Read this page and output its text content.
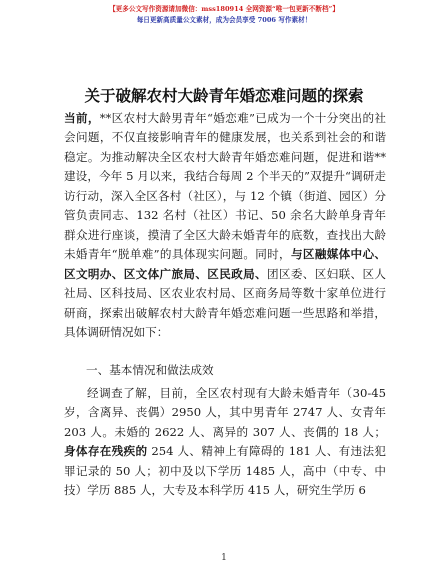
【更多公文写作资源请加微信：mss180914 全网资源“唯一包更新不断档”】
每日更新高质量公文素材，成为会员享受 7006 写作素材！
关于破解农村大龄青年婚恋难问题的探索
当前，**区农村大龄男青年“婚恋难”已成为一个十分突出的社会问题，不仅直接影响青年的健康发展，也关系到社会的和谐稳定。为推动解决全区农村大龄青年婚恋难问题，促进和谐**建设，今年 5 月以来，我结合每周 2 个半天的”双提升“调研走访行动，深入全区各村（社区），与 12 个镇（街道、园区）分管负责同志、132 名村（社区）书记、50 余名大龄单身青年群众进行座谈，摸清了全区大龄未婚青年的底数，查找出大龄未婚青年“脱单难”的具体现实问题。同时，与区融媒体中心、区文明办、区文体广旅局、区民政局、团区委、区妇联、区人社局、区科技局、区农业农村局、区商务局等数十家单位进行研商，探索出破解农村大龄青年婚恋难问题一些思路和举措，具体调研情况如下：
一、基本情况和做法成效
经调查了解，目前，全区农村现有大龄未婚青年（30-45岁，含离异、丧偶）2950 人，其中男青年 2747 人、女青年 203 人。未婚的 2622 人、离异的 307 人、丧偶的 18 人；身体存在残疾的 254 人、精神上有障碍的 181 人、有违法犯罪记录的 50 人；初中及以下学历 1485 人，高中（中专、中技）学历 885 人，大专及本科学历 415 人，研究生学历 6
1
